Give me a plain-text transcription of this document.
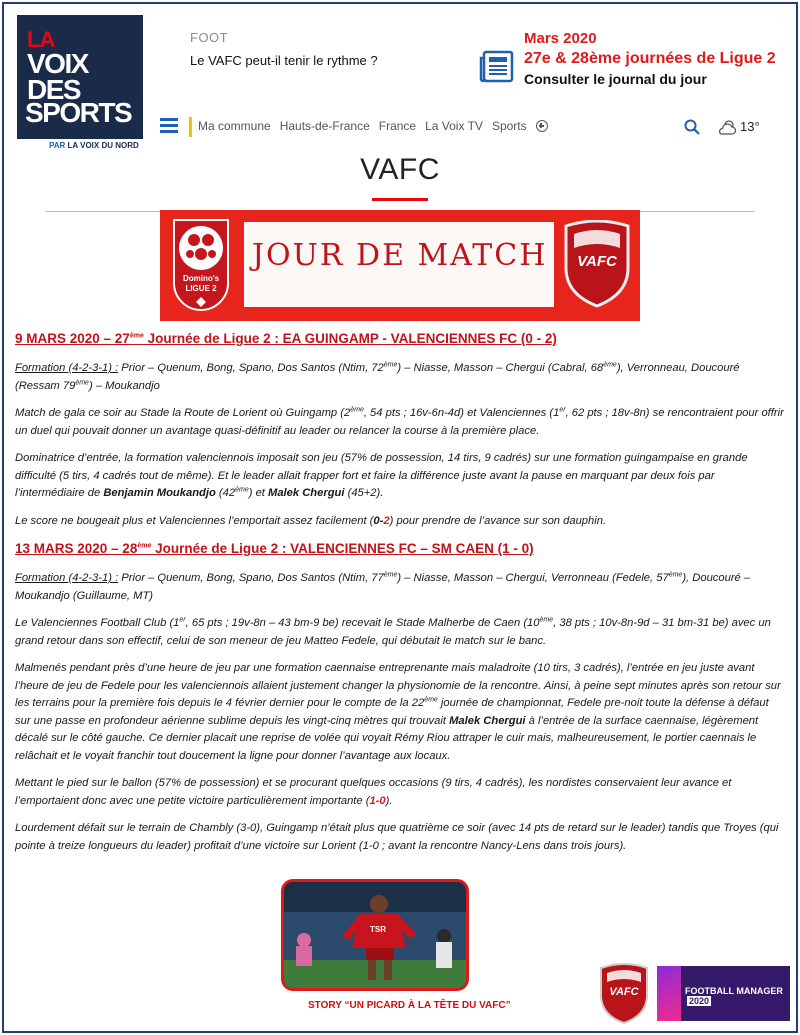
LA
VOIX
DES
SPORTS
PAR LA VOIX DU NORD
FOOT
Le VAFC peut-il tenir le rythme ?
Mars 2020
27e & 28ème journées de Ligue 2
Consulter le journal du jour
Ma commune Hauts-de-France France La Voix TV Sports	13°
VAFC
Domino's
LIGUE 2
JOUR DE MATCH	VAFC
9 MARS 2020 – 27ème Journée de Ligue 2 : EA GUINGAMP - VALENCIENNES FC (0 - 2)

Formation (4-2-3-1) : Prior – Quenum, Bong, Spano, Dos Santos (Ntim, 72ème) – Niasse, Masson – Chergui (Cabral, 68ème), Verronneau, Doucouré (Ressam 79ème) – Moukandjo

Match de gala ce soir au Stade la Route de Lorient où Guingamp (2ème, 54 pts ; 16v-6n-4d) et Valenciennes (1er, 62 pts ; 18v-8n) se rencontraient pour offrir un duel qui pouvait donner un avantage quasi-définitif au leader ou relancer la course à la première place.

Dominatrice d’entrée, la formation valenciennois imposait son jeu (57% de possession, 14 tirs, 9 cadrés) sur une formation guingampaise en grande difficulté (5 tirs, 4 cadrés tout de même). Et le leader allait frapper fort et faire la différence juste avant la pause en marquant par deux fois par l’intermédiaire de Benjamin Moukandjo (42ème) et Malek Chergui (45+2).

Le score ne bougeait plus et Valenciennes l’emportait assez facilement (0-2) pour prendre de l’avance sur son dauphin.

13 MARS 2020 – 28ème Journée de Ligue 2 : VALENCIENNES FC – SM CAEN (1 - 0)

Formation (4-2-3-1) : Prior – Quenum, Bong, Spano, Dos Santos (Ntim, 77ème) – Niasse, Masson – Chergui, Verronneau (Fedele, 57ème), Doucouré – Moukandjo (Guillaume, MT)

Le Valenciennes Football Club (1er, 65 pts ; 19v-8n – 43 bm-9 be) recevait le Stade Malherbe de Caen (10ème, 38 pts ; 10v-8n-9d – 31 bm-31 be) avec un grand retour dans son effectif, celui de son meneur de jeu Matteo Fedele, qui débutait le match sur le banc.

Malmenés pendant près d’une heure de jeu par une formation caennaise entreprenante mais maladroite (10 tirs, 3 cadrés), l’entrée en jeu juste avant l’heure de jeu de Fedele pour les valenciennois allaient justement changer la physionomie de la rencontre. Ainsi, à peine sept minutes après son retour sur les terrains pour la première fois depuis le 4 février dernier pour le compte de la 22ème journée de championnat, Fedele pre-noit toute la défense à défaut sur une passe en profondeur aérienne sublime depuis les vingt-cinq mètres qui trouvait Malek Chergui à l’entrée de la surface caennaise, légèrement décalé sur le côté gauche. Ce dernier placait une reprise de volée qui voyait Rémy Riou attraper le cuir mais, malheureusement, le portier caennais le relâchait et le voyait franchir tout doucement la ligne pour donner l’avantage aux locaux.

Mettant le pied sur le ballon (57% de possession) et se procurant quelques occasions (9 tirs, 4 cadrés), les nordistes conservaient leur avance et l’emportaient donc avec une petite victoire particulièrement importante (1-0).

Lourdement défait sur le terrain de Chambly (3-0), Guingamp n’était plus que quatrième ce soir (avec 14 pts de retard sur le leader) tandis que Troyes (qui pointe à treize longueurs du leader) profitait d’une victoire sur Lorient (1-0 ; avant la rencontre Nancy-Lens dans trois jours).

TSR
STORY “UN PICARD À LA TÊTE DU VAFC”
VAFC	FOOTBALL MANAGER2020
